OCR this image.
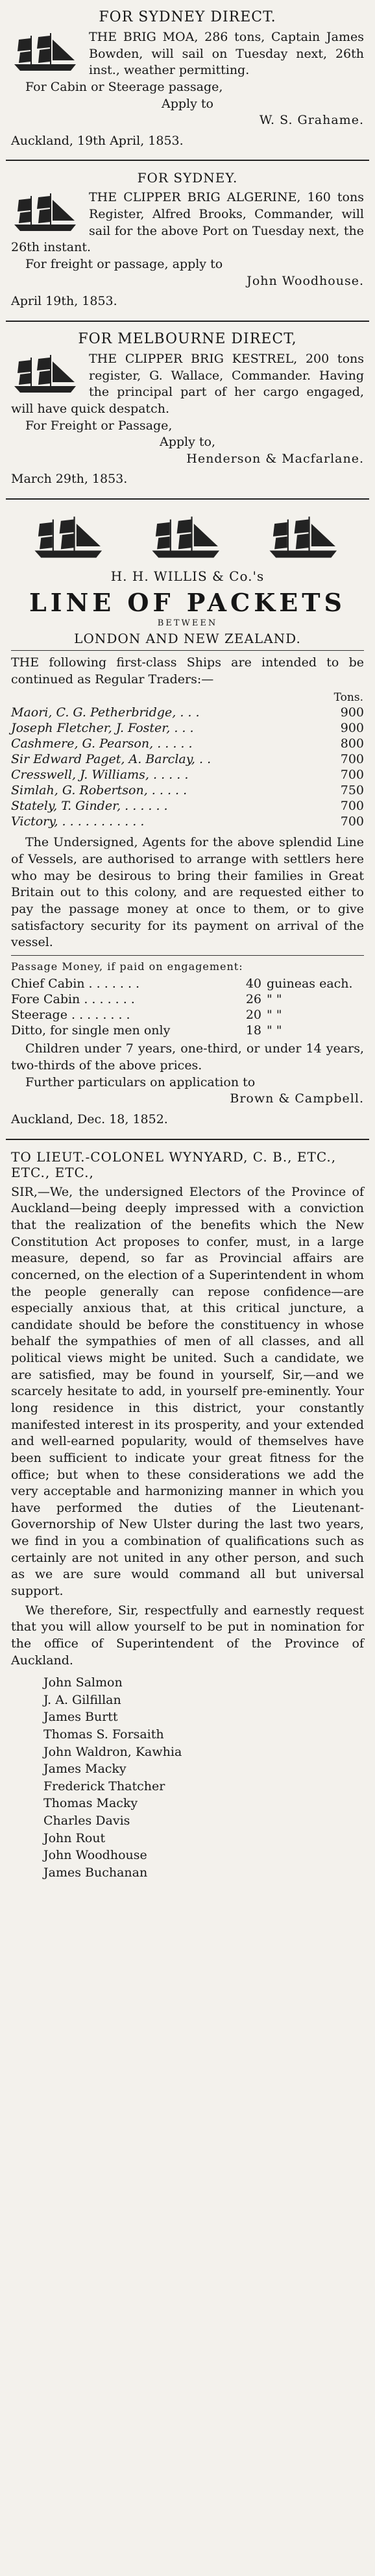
FOR SYDNEY DIRECT.

THE BRIG MOA, 286 tons, Captain James Bowden, will sail on Tuesday next, 26th inst., weather permitting.

For Cabin or Steerage passage,

Apply to

W. S. Grahame.

Auckland, 19th April, 1853.

FOR SYDNEY.

THE CLIPPER BRIG ALGERINE, 160 tons Register, Alfred Brooks, Commander, will sail for the above Port on Tuesday next, the 26th instant.

For freight or passage, apply to

John Woodhouse.

April 19th, 1853.

FOR MELBOURNE DIRECT,

THE CLIPPER BRIG KESTREL, 200 tons register, G. Wallace, Commander. Having the principal part of her cargo engaged, will have quick despatch.

For Freight or Passage,

Apply to,

Henderson & Macfarlane.

March 29th, 1853.

H. H. WILLIS & Co.'s
LINE OF PACKETS
BETWEEN
LONDON AND NEW ZEALAND.

THE following first-class Ships are intended to be continued as Regular Traders:—

	Tons.
Maori, C. G. Petherbridge, . . .	900
Joseph Fletcher, J. Foster, . . .	900
Cashmere, G. Pearson, . . . . .	800
Sir Edward Paget, A. Barclay, . .	700
Cresswell, J. Williams, . . . . .	700
Simlah, G. Robertson, . . . . .	750
Stately, T. Ginder, . . . . . .	700
Victory, . . . . . . . . . . .	700

The Undersigned, Agents for the above splendid Line of Vessels, are authorised to arrange with settlers here who may be desirous to bring their families in Great Britain out to this colony, and are requested either to pay the passage money at once to them, or to give satisfactory security for its payment on arrival of the vessel.

Passage Money, if paid on engagement:

Chief Cabin . . . . . . .	40	guineas each.
Fore Cabin . . . . . . .	26	" "
Steerage . . . . . . . .	20	" "
Ditto, for single men only	18	" "

Children under 7 years, one-third, or under 14 years, two-thirds of the above prices.

Further particulars on application to

Brown & Campbell.

Auckland, Dec. 18, 1852.

TO LIEUT.-COLONEL WYNYARD, C. B., ETC., ETC., ETC.,

SIR,—We, the undersigned Electors of the Province of Auckland—being deeply impressed with a conviction that the realization of the benefits which the New Constitution Act proposes to confer, must, in a large measure, depend, so far as Provincial affairs are concerned, on the election of a Superintendent in whom the people generally can repose confidence—are especially anxious that, at this critical juncture, a candidate should be before the constituency in whose behalf the sympathies of men of all classes, and all political views might be united. Such a candidate, we are satisfied, may be found in yourself, Sir,—and we scarcely hesitate to add, in yourself pre-eminently. Your long residence in this district, your constantly manifested interest in its prosperity, and your extended and well-earned popularity, would of themselves have been sufficient to indicate your great fitness for the office; but when to these considerations we add the very acceptable and harmonizing manner in which you have performed the duties of the Lieutenant-Governorship of New Ulster during the last two years, we find in you a combination of qualifications such as certainly are not united in any other person, and such as we are sure would command all but universal support.

We therefore, Sir, respectfully and earnestly request that you will allow yourself to be put in nomination for the office of Superintendent of the Province of Auckland.

John Salmon
J. A. Gilfillan
James Burtt
Thomas S. Forsaith
John Waldron, Kawhia
James Macky
Frederick Thatcher
Thomas Macky
Charles Davis
John Rout
John Woodhouse
James Buchanan
